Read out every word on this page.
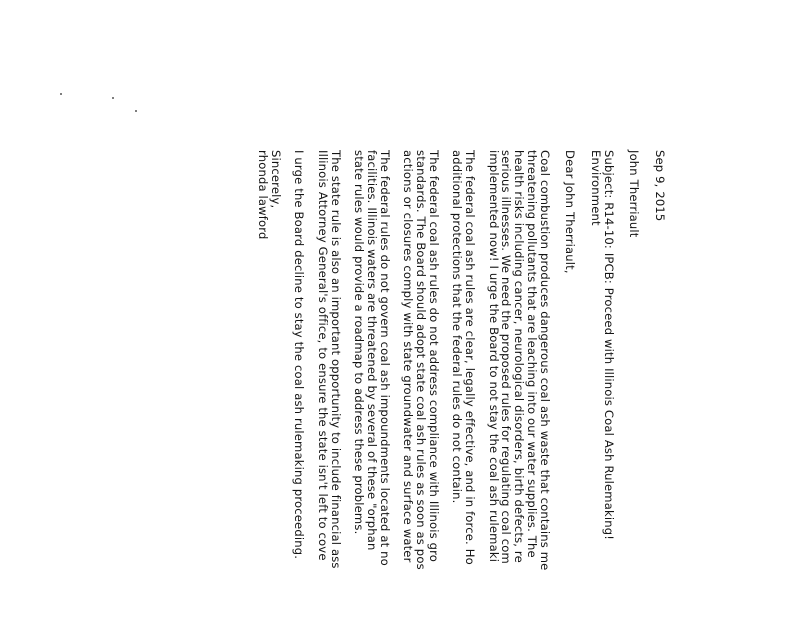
Sep 9, 2015
John Therriault
Subject: R14-10: IPCB: Proceed with Illinois Coal Ash Rulemaking!
Environment
Dear John Therriault,
Coal combustion produces dangerous coal ash waste that contains me
threatening pollutants that are leaching into our water supplies. The
health risks including cancer, neurological disorders, birth defects, re
serious illnesses. We need the proposed rules for regulating coal com
implemented now! I urge the Board to not stay the coal ash rulemaki
The federal coal ash rules are clear, legally effective, and in force. Ho
additional protections that the federal rules do not contain.
The federal coal ash rules do not address compliance with Illinois gro
standards. The Board should adopt state coal ash rules as soon as pos
actions or closures comply with state groundwater and surface water
The federal rules do not govern coal ash impoundments located at no
facilities. Illinois waters are threatened by several of these "orphan
state rules would provide a roadmap to address these problems.
The state rule is also an important opportunity to include financial ass
Illinois Attorney General's office, to ensure the state isn't left to cove
I urge the Board decline to stay the coal ash rulemaking proceeding.
Sincerely,
rhonda lawford
